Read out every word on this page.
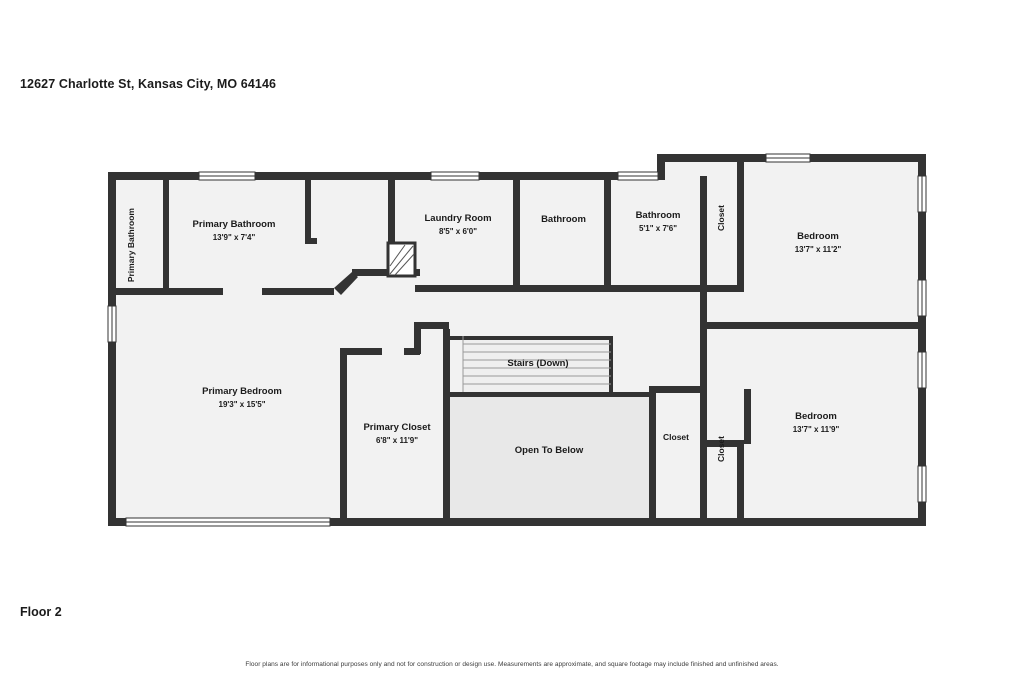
12627 Charlotte St, Kansas City, MO 64146
Primary Bathroom	Primary Bathroom
13'9" x 7'4"
Laundry Room
8'5" x 6'0"
Bathroom	Bathroom
5'1" x 7'6"	Closet
Bedroom
13'7" x 11'2"
Primary Bedroom
19'3" x 15'5"
Primary Closet
6'8" x 11'9"
Stairs (Down)
Open To Below
Closet	Closet
Bedroom
13'7" x 11'9"
Floor 2
Floor plans are for informational purposes only and not for construction or design use. Measurements are approximate, and square footage may include finished and unfinished areas.
